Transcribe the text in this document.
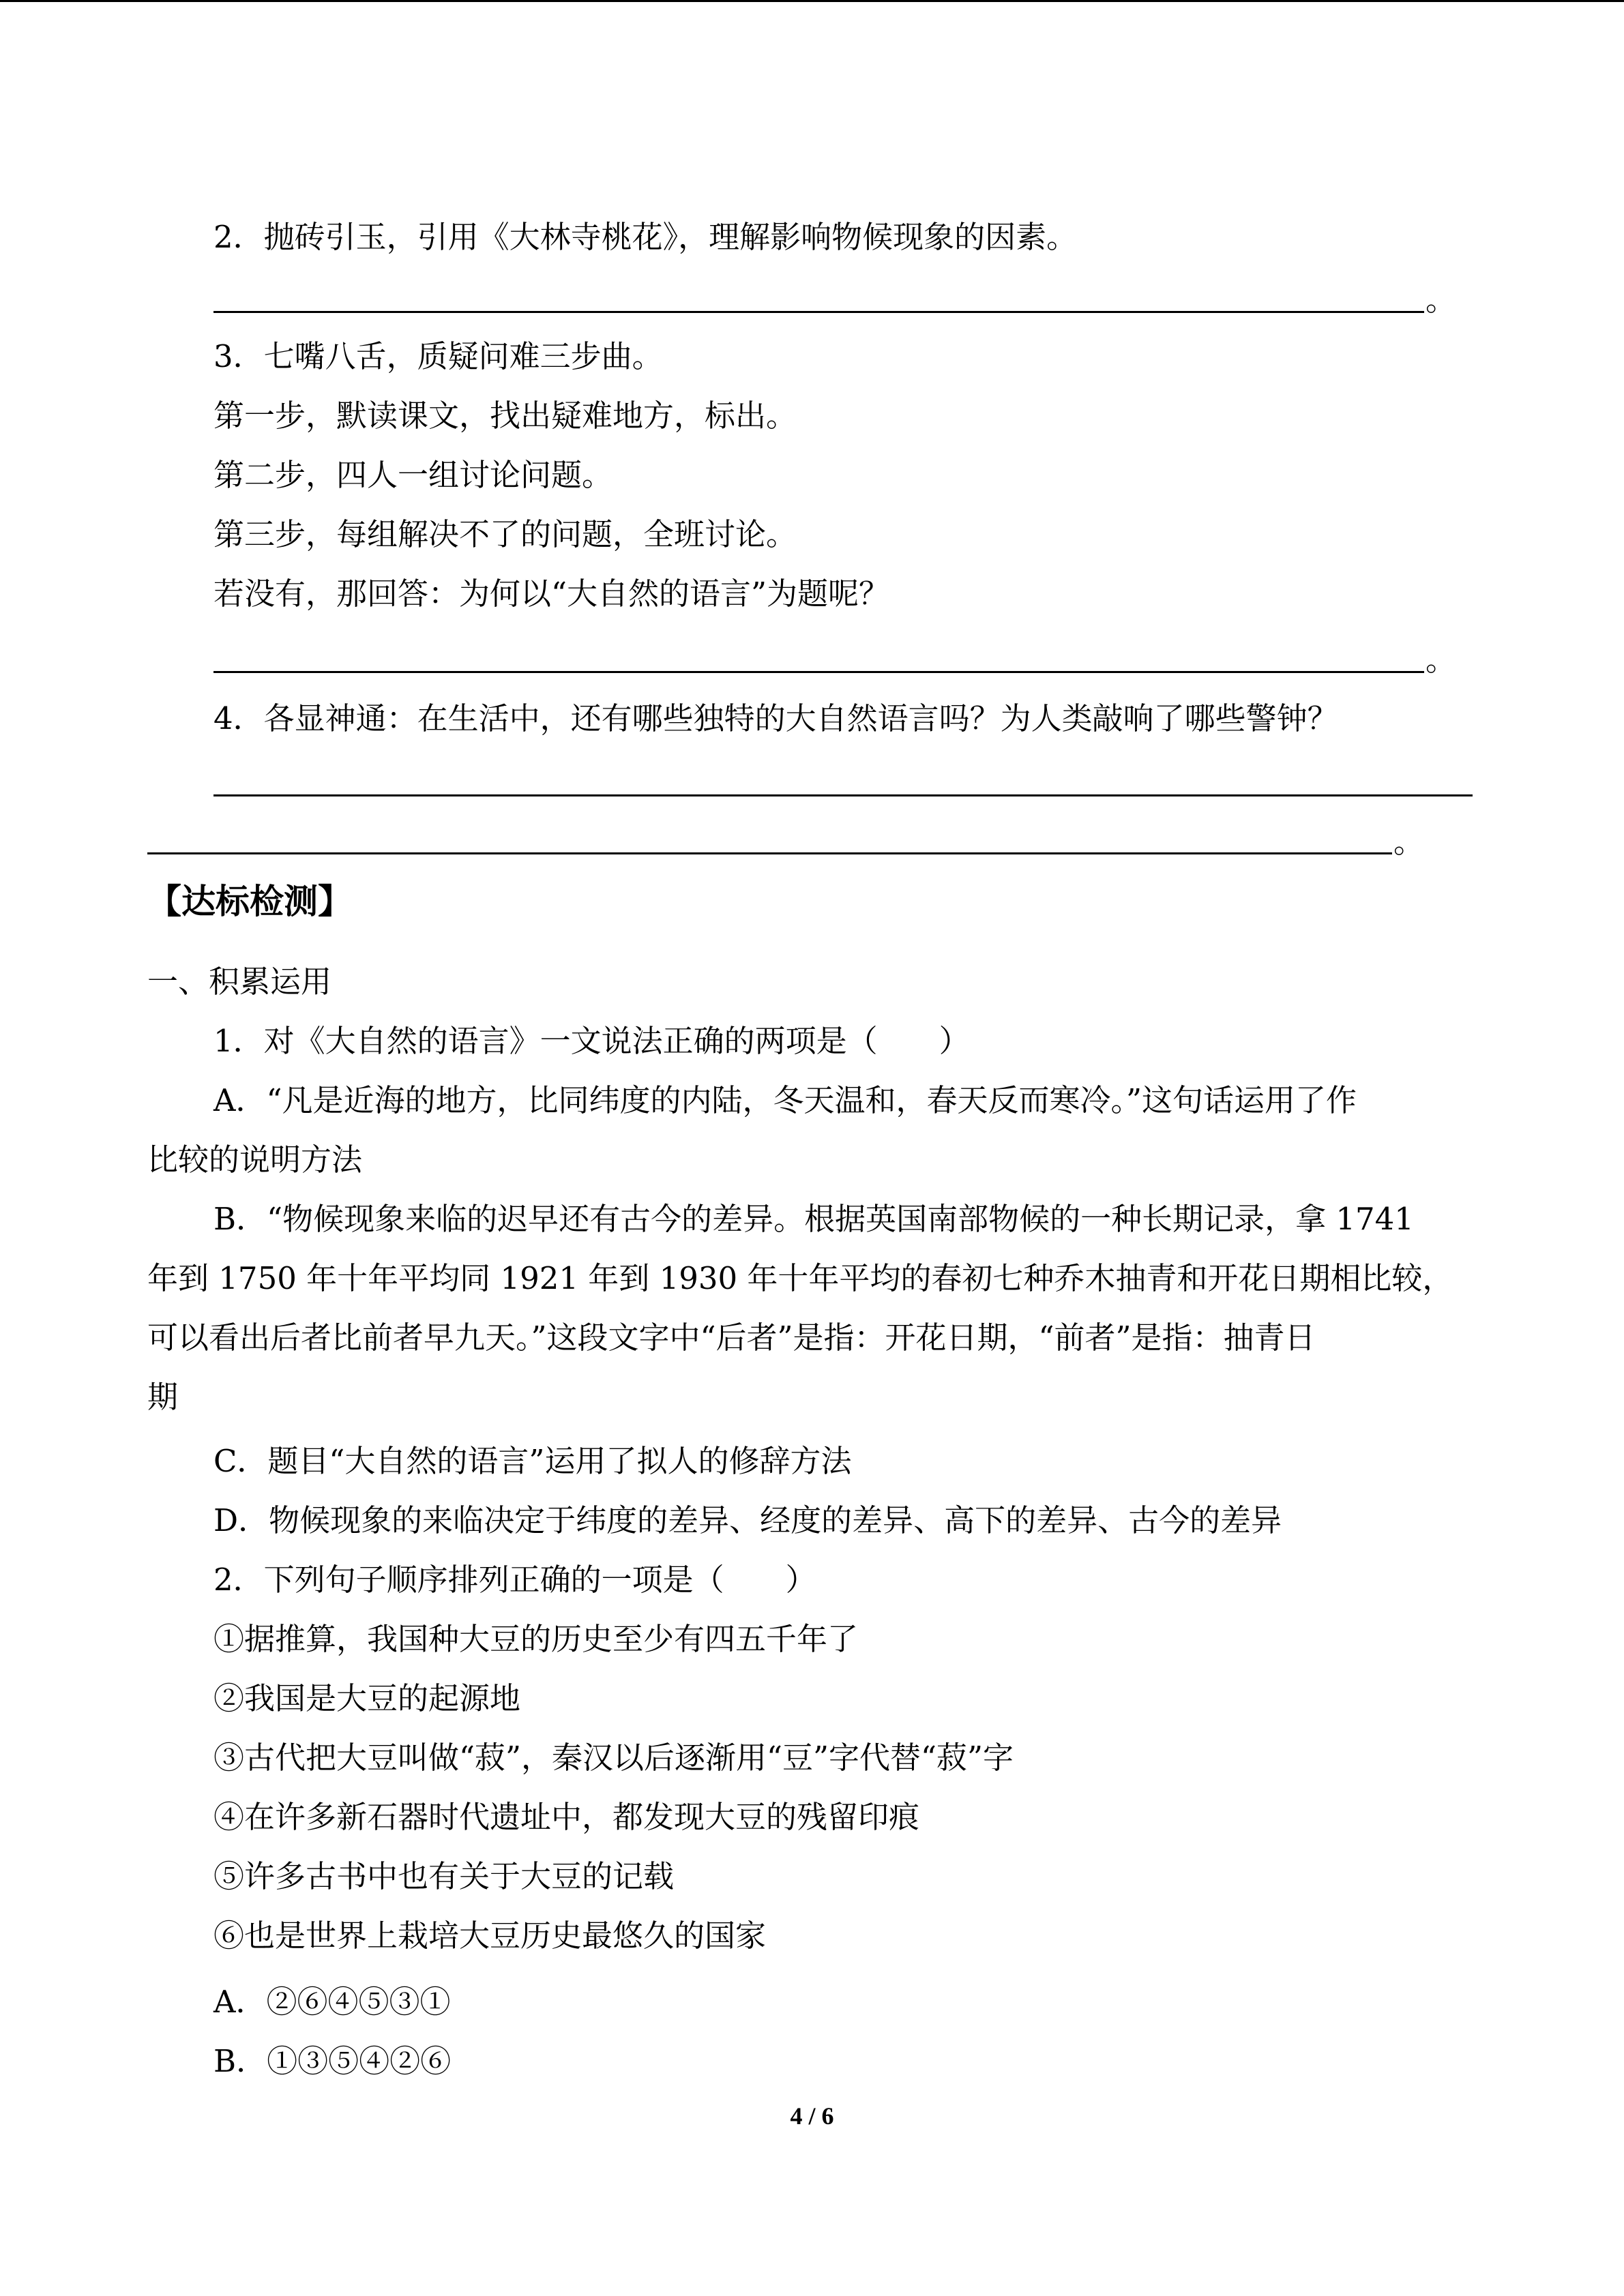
2．抛砖引玉，引用《大林寺桃花》，理解影响物候现象的因素。
。
3．七嘴八舌，质疑问难三步曲。
第一步，默读课文，找出疑难地方，标出。
第二步，四人一组讨论问题。
第三步，每组解决不了的问题，全班讨论。
若没有，那回答：为何以“大自然的语言”为题呢？
。
4．各显神通：在生活中，还有哪些独特的大自然语言吗？为人类敲响了哪些警钟？
。
【达标检测】
一、积累运用
1．对《大自然的语言》一文说法正确的两项是（　　）
A．“凡是近海的地方，比同纬度的内陆，冬天温和，春天反而寒冷。”这句话运用了作
比较的说明方法
B．“物候现象来临的迟早还有古今的差异。根据英国南部物候的一种长期记录，拿 1741
年到 1750 年十年平均同 1921 年到 1930 年十年平均的春初七种乔木抽青和开花日期相比较，
可以看出后者比前者早九天。”这段文字中“后者”是指：开花日期，“前者”是指：抽青日
期
C．题目“大自然的语言”运用了拟人的修辞方法
D．物候现象的来临决定于纬度的差异、经度的差异、高下的差异、古今的差异
2．下列句子顺序排列正确的一项是（　　）
①据推算，我国种大豆的历史至少有四五千年了
②我国是大豆的起源地
③古代把大豆叫做“菽”，秦汉以后逐渐用“豆”字代替“菽”字
④在许多新石器时代遗址中，都发现大豆的残留印痕
⑤许多古书中也有关于大豆的记载
⑥也是世界上栽培大豆历史最悠久的国家
A．②⑥④⑤③①
B．①③⑤④②⑥
4 / 6
